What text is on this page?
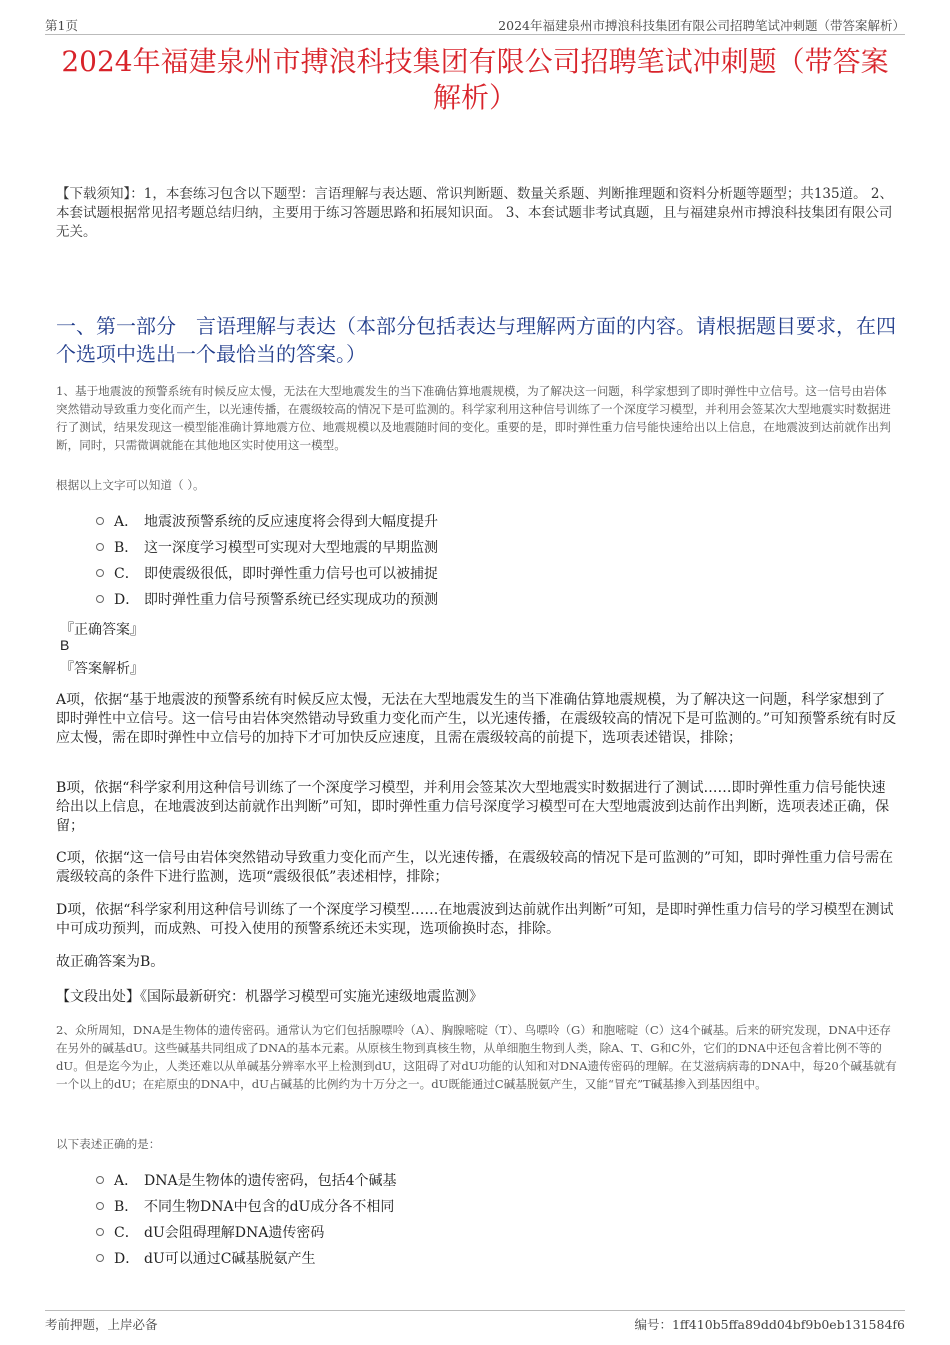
第1页	2024年福建泉州市搏浪科技集团有限公司招聘笔试冲刺题（带答案解析）
2024年福建泉州市搏浪科技集团有限公司招聘笔试冲刺题（带答案解析）
【下载须知】：1，本套练习包含以下题型：言语理解与表达题、常识判断题、数量关系题、判断推理题和资料分析题等题型；共135道。 2、本套试题根据常见招考题总结归纳，主要用于练习答题思路和拓展知识面。 3、本套试题非考试真题，且与福建泉州市搏浪科技集团有限公司无关。
一、第一部分　言语理解与表达（本部分包括表达与理解两方面的内容。请根据题目要求，在四个选项中选出一个最恰当的答案。）
1、基于地震波的预警系统有时候反应太慢，无法在大型地震发生的当下准确估算地震规模，为了解决这一问题，科学家想到了即时弹性中立信号。这一信号由岩体突然错动导致重力变化而产生，以光速传播，在震级较高的情况下是可监测的。科学家利用这种信号训练了一个深度学习模型，并利用会签某次大型地震实时数据进行了测试，结果发现这一模型能准确计算地震方位、地震规模以及地震随时间的变化。重要的是，即时弹性重力信号能快速给出以上信息，在地震波到达前就作出判断，同时，只需微调就能在其他地区实时使用这一模型。
根据以上文字可以知道（ ）。
A． 地震波预警系统的反应速度将会得到大幅度提升
B． 这一深度学习模型可实现对大型地震的早期监测
C． 即使震级很低，即时弹性重力信号也可以被捕捉
D． 即时弹性重力信号预警系统已经实现成功的预测
『正确答案』
B
『答案解析』
A项，依据“基于地震波的预警系统有时候反应太慢，无法在大型地震发生的当下准确估算地震规模，为了解决这一问题，科学家想到了即时弹性中立信号。这一信号由岩体突然错动导致重力变化而产生，以光速传播，在震级较高的情况下是可监测的。”可知预警系统有时反应太慢，需在即时弹性中立信号的加持下才可加快反应速度，且需在震级较高的前提下，选项表述错误，排除；
B项，依据“科学家利用这种信号训练了一个深度学习模型，并利用会签某次大型地震实时数据进行了测试……即时弹性重力信号能快速给出以上信息，在地震波到达前就作出判断”可知，即时弹性重力信号深度学习模型可在大型地震波到达前作出判断，选项表述正确，保留；
C项，依据“这一信号由岩体突然错动导致重力变化而产生，以光速传播，在震级较高的情况下是可监测的”可知，即时弹性重力信号需在震级较高的条件下进行监测，选项“震级很低”表述相悖，排除；
D项，依据“科学家利用这种信号训练了一个深度学习模型……在地震波到达前就作出判断”可知，是即时弹性重力信号的学习模型在测试中可成功预判，而成熟、可投入使用的预警系统还未实现，选项偷换时态，排除。
故正确答案为B。
【文段出处】《国际最新研究：机器学习模型可实施光速级地震监测》
2、众所周知，DNA是生物体的遗传密码。通常认为它们包括腺嘌呤（A）、胸腺嘧啶（T）、鸟嘌呤（G）和胞嘧啶（C）这4个碱基。后来的研究发现，DNA中还存在另外的碱基dU。这些碱基共同组成了DNA的基本元素。从原核生物到真核生物，从单细胞生物到人类，除A、T、G和C外，它们的DNA中还包含着比例不等的dU。但是迄今为止，人类还难以从单碱基分辨率水平上检测到dU，这阻碍了对dU功能的认知和对DNA遗传密码的理解。在艾滋病病毒的DNA中，每20个碱基就有一个以上的dU；在疟原虫的DNA中，dU占碱基的比例约为十万分之一。dU既能通过C碱基脱氨产生，又能“冒充”T碱基掺入到基因组中。
以下表述正确的是：
A． DNA是生物体的遗传密码，包括4个碱基
B． 不同生物DNA中包含的dU成分各不相同
C． dU会阻碍理解DNA遗传密码
D． dU可以通过C碱基脱氨产生
考前押题，上岸必备	编号：1ff410b5ffa89dd04bf9b0eb131584f6
